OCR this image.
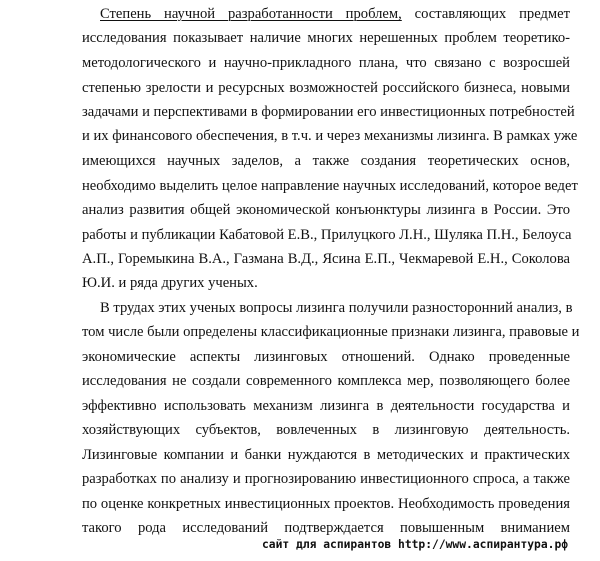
Степень научной разработанности проблем, составляющих предмет
исследования показывает наличие многих нерешенных проблем теоретико-
методологического и научно-прикладного плана, что связано с возросшей
степенью зрелости и ресурсных возможностей российского бизнеса, новыми
задачами и перспективами в формировании его инвестиционных потребностей
и их финансового обеспечения, в т.ч. и через механизмы лизинга. В рамках уже
имеющихся научных заделов, а также создания теоретических основ,
необходимо выделить целое направление научных исследований, которое ведет
анализ развития общей экономической конъюнктуры лизинга в России. Это
работы и публикации Кабатовой Е.В., Прилуцкого Л.Н., Шуляка П.Н., Белоуса
А.П., Горемыкина В.А., Газмана В.Д., Ясина Е.П., Чекмаревой Е.Н., Соколова
Ю.И. и ряда других ученых.
В трудах этих ученых вопросы лизинга получили разносторонний анализ, в
том числе были определены классификационные признаки лизинга, правовые и
экономические аспекты лизинговых отношений. Однако проведенные
исследования не создали современного комплекса мер, позволяющего более
эффективно использовать механизм лизинга в деятельности государства и
хозяйствующих субъектов, вовлеченных в лизинговую деятельность.
Лизинговые компании и банки нуждаются в методических и практических
разработках по анализу и прогнозированию инвестиционного спроса, а также
по оценке конкретных инвестиционных проектов. Необходимость проведения
такого рода исследований подтверждается повышенным вниманием
сайт для аспирантов http://www.аспирантура.рф
